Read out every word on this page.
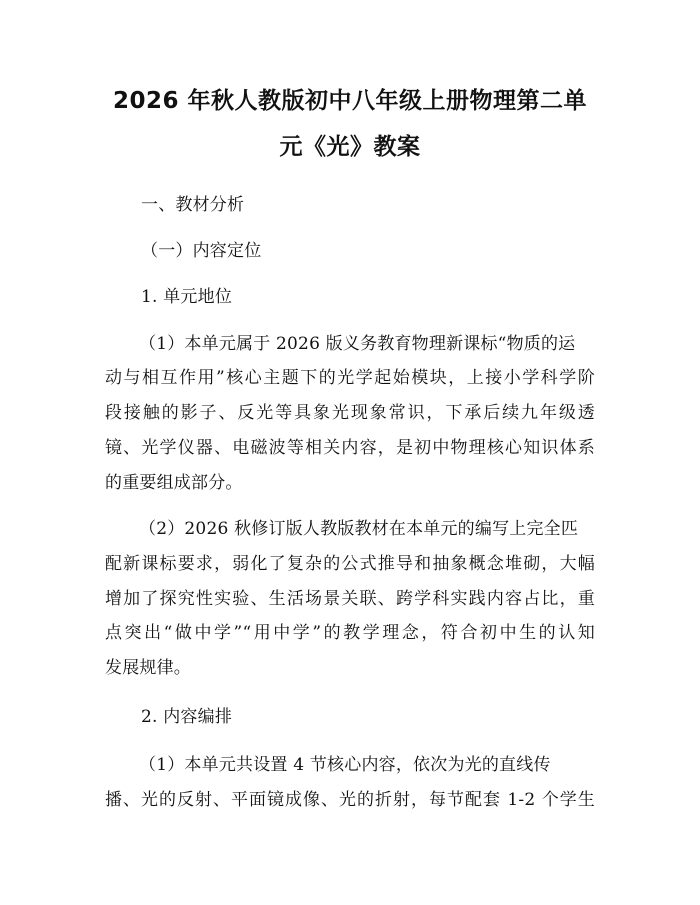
2026 年秋人教版初中八年级上册物理第二单
元《光》教案
一、教材分析
（一）内容定位
1. 单元地位
（1）本单元属于 2026 版义务教育物理新课标“物质的运
动与相互作用”核心主题下的光学起始模块，上接小学科学阶
段接触的影子、反光等具象光现象常识，下承后续九年级透
镜、光学仪器、电磁波等相关内容，是初中物理核心知识体系
的重要组成部分。
（2）2026 秋修订版人教版教材在本单元的编写上完全匹
配新课标要求，弱化了复杂的公式推导和抽象概念堆砌，大幅
增加了探究性实验、生活场景关联、跨学科实践内容占比，重
点突出“做中学”“用中学”的教学理念，符合初中生的认知
发展规律。
2. 内容编排
（1）本单元共设置 4 节核心内容，依次为光的直线传
播、光的反射、平面镜成像、光的折射，每节配套 1-2 个学生
